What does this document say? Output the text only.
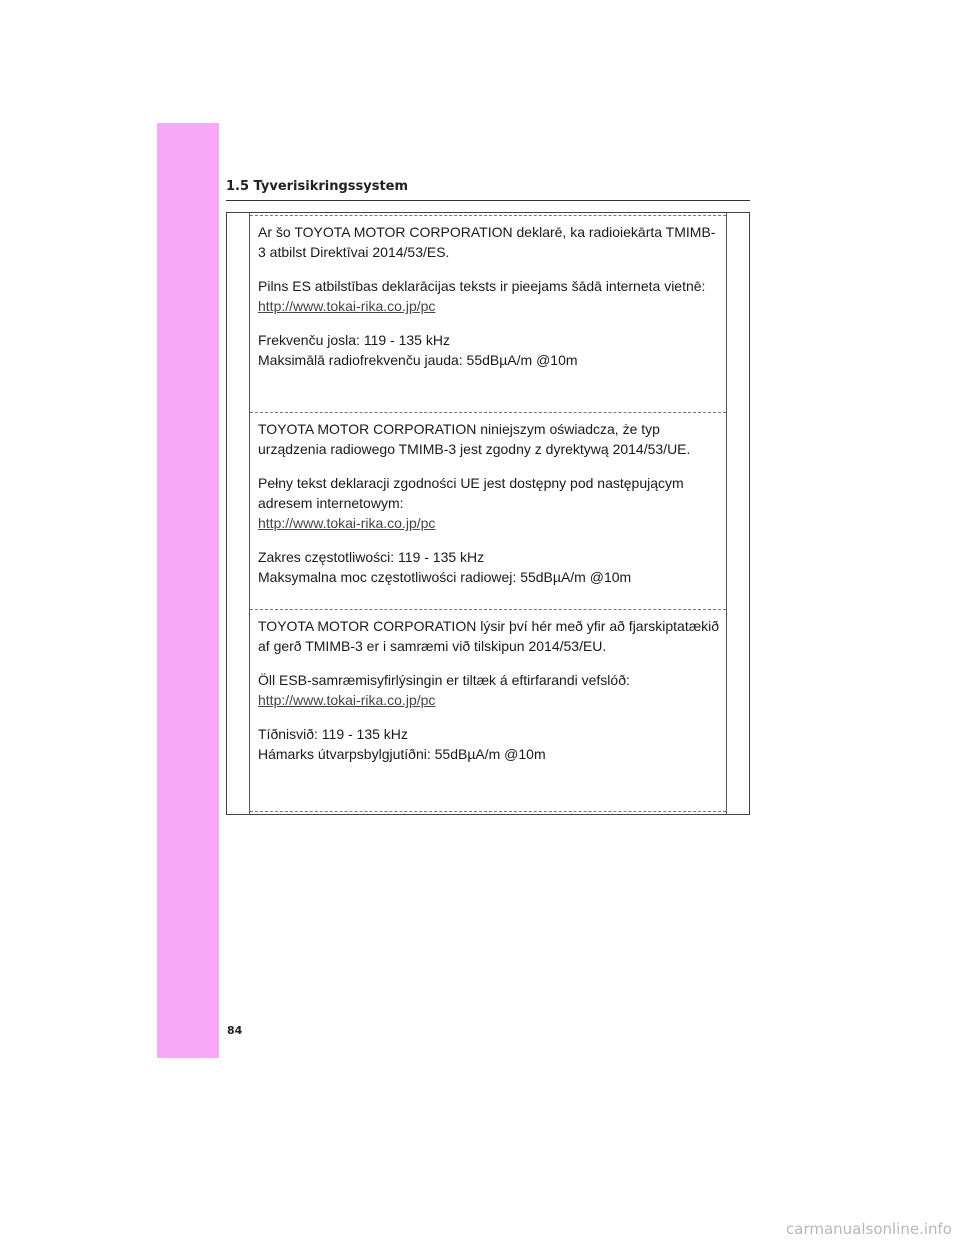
1.5 Tyverisikringssystem

Ar šo TOYOTA MOTOR CORPORATION deklarē, ka radioiekārta TMIMB-3 atbilst Direktīvai 2014/53/ES.

Pilns ES atbilstības deklarācijas teksts ir pieejams šādā interneta vietnē:

http://www.tokai-rika.co.jp/pc

Frekvenču josla: 119 - 135 kHz

Maksimālā radiofrekvenču jauda: 55dBµA/m @10m

TOYOTA MOTOR CORPORATION niniejszym oświadcza, że typ urządzenia radiowego TMIMB-3 jest zgodny z dyrektywą 2014/53/UE.

Pełny tekst deklaracji zgodności UE jest dostępny pod następującym adresem internetowym:

http://www.tokai-rika.co.jp/pc

Zakres częstotliwości: 119 - 135 kHz

Maksymalna moc częstotliwości radiowej: 55dBµA/m @10m

TOYOTA MOTOR CORPORATION lýsir því hér með yfir að fjarskiptatækið af gerð TMIMB-3 er i samræmi við tilskipun 2014/53/EU.

Öll ESB-samræmisyfirlýsingin er tiltæk á eftirfarandi vefslóð:

http://www.tokai-rika.co.jp/pc

Tíðnisvið: 119 - 135 kHz

Hámarks útvarpsbylgjutíðni: 55dBµA/m @10m

84
carmanualsonline.info
